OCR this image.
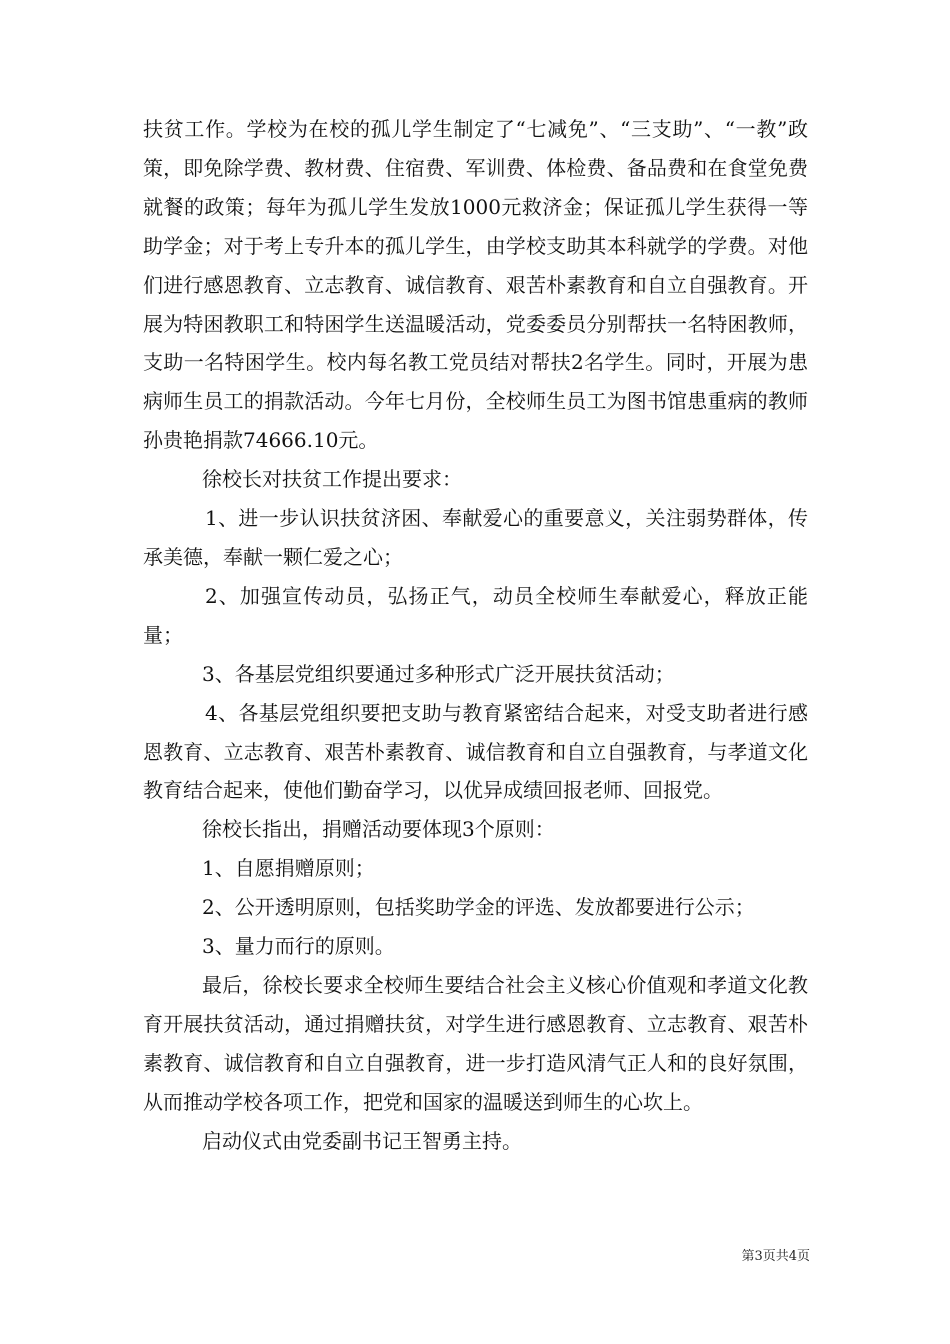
扶贫工作。学校为在校的孤儿学生制定了“七减免”、“三支助”、“一教”政策，即免除学费、教材费、住宿费、军训费、体检费、备品费和在食堂免费就餐的政策；每年为孤儿学生发放1000元救济金；保证孤儿学生获得一等助学金；对于考上专升本的孤儿学生，由学校支助其本科就学的学费。对他们进行感恩教育、立志教育、诚信教育、艰苦朴素教育和自立自强教育。开展为特困教职工和特困学生送温暖活动，党委委员分别帮扶一名特困教师，支助一名特困学生。校内每名教工党员结对帮扶2名学生。同时，开展为患病师生员工的捐款活动。今年七月份，全校师生员工为图书馆患重病的教师孙贵艳捐款74666.10元。

徐校长对扶贫工作提出要求：

1、进一步认识扶贫济困、奉献爱心的重要意义，关注弱势群体，传承美德，奉献一颗仁爱之心；

2、加强宣传动员，弘扬正气，动员全校师生奉献爱心，释放正能量；

3、各基层党组织要通过多种形式广泛开展扶贫活动；

4、各基层党组织要把支助与教育紧密结合起来，对受支助者进行感恩教育、立志教育、艰苦朴素教育、诚信教育和自立自强教育，与孝道文化教育结合起来，使他们勤奋学习，以优异成绩回报老师、回报党。

徐校长指出，捐赠活动要体现3个原则：

1、自愿捐赠原则；

2、公开透明原则，包括奖助学金的评选、发放都要进行公示；

3、量力而行的原则。

最后，徐校长要求全校师生要结合社会主义核心价值观和孝道文化教育开展扶贫活动，通过捐赠扶贫，对学生进行感恩教育、立志教育、艰苦朴素教育、诚信教育和自立自强教育，进一步打造风清气正人和的良好氛围，从而推动学校各项工作，把党和国家的温暖送到师生的心坎上。

启动仪式由党委副书记王智勇主持。

第3页共4页
